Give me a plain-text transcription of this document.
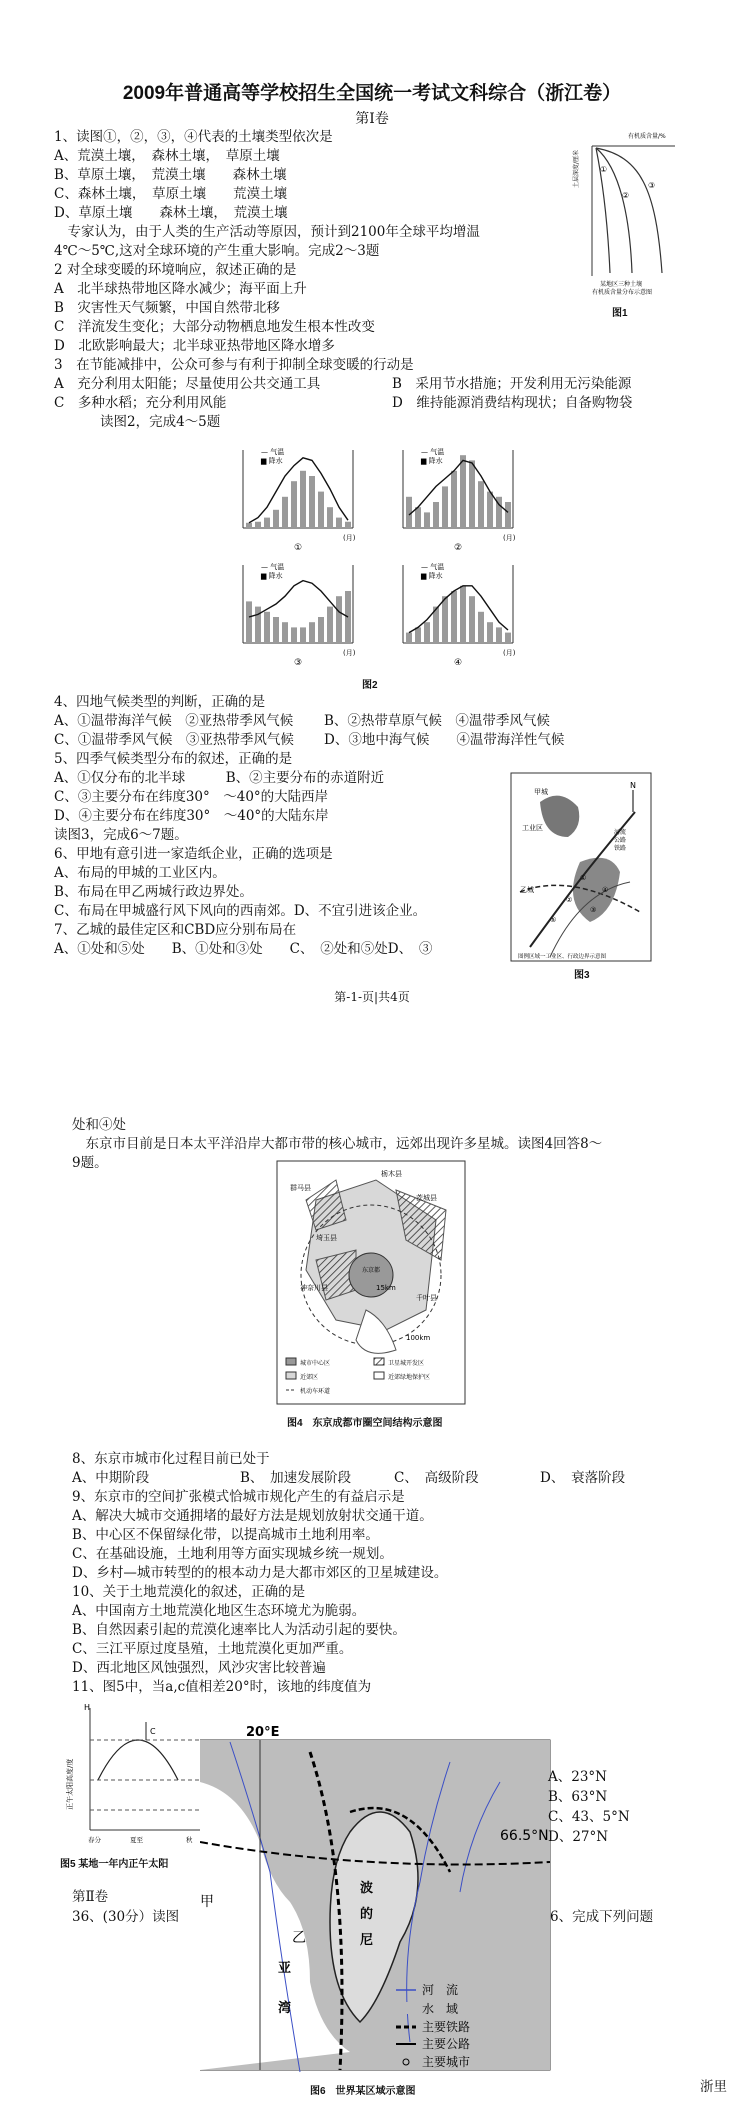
2009年普通高等学校招生全国统一考试文科综合（浙江卷）
第Ⅰ卷
1、读图①，②，③，④代表的土壤类型依次是
A、荒漠土壤，　森林土壤，　草原土壤
B、草原土壤，　荒漠土壤　　森林土壤
C、森林土壤，　草原土壤　　荒漠土壤
D、草原土壤　　森林土壤，　荒漠土壤
　专家认为，由于人类的生产活动等原因，预计到2100年全球平均增温
4℃～5℃,这对全球环境的产生重大影响。完成2～3题
2 对全球变暖的环境响应，叙述正确的是
A　北半球热带地区降水减少；海平面上升
B　灾害性天气频繁，中国自然带北移
C　洋流发生变化；大部分动物栖息地发生根本性改变
D　北欧影响最大；北半球亚热带地区降水增多
3　在节能减排中，公众可参与有利于抑制全球变暖的行动是
A　充分利用太阳能；尽量使用公共交通工具	B　采用节水措施；开发利用无污染能源
C　多种水稻；充分利用风能	D　维持能源消费结构现状；自备购物袋
读图2，完成4～5题
有机质含量/%
土层深度/厘米	①
②
③
某地区三种土壤
有机质含量分布示意图
图1
①
(月)
— 气温
▆ 降水
②
(月)
— 气温
▆ 降水
③
(月)
— 气温
▆ 降水
④
(月)
— 气温
▆ 降水
图2
4、四地气候类型的判断，正确的是
A、①温带海洋气候　②亚热带季风气候 B、②热带草原气候　④温带季风气候
C、①温带季风气候　③亚热带季风气候 D、③地中海气候　　④温带海洋性气候
5、四季气候类型分布的叙述，正确的是
A、①仅分布的北半球　　　B、②主要分布的赤道附近
C、③主要分布在纬度30°　～40°的大陆西岸
D、④主要分布在纬度30°　～40°的大陆东岸
读图3，完成6～7题。
6、甲地有意引进一家造纸企业，正确的选项是
A、布局的甲城的工业区内。
B、布局在甲乙两城行政边界处。
C、布局在甲城盛行风下风向的西南郊。D、不宜引进该企业。
7、乙城的最佳定区和CBD应分别布局在
A、①处和⑤处　　B、①处和③处　　C、　②处和⑤处D、　③
N
甲城
乙城
工业区
河流
公路
铁路
①
②
③
④
⑤
图例区域一工业区、行政边界示意图
图3
第-1-页|共4页
处和④处
　东京市目前是日本太平洋沿岸大都市带的核心城市，远郊出现许多星城。读图4回答8～
9题。
栃木县
群马县
茨城县
埼玉县
东京都
神奈川县
千叶县
15km
100km
城市中心区	卫星城开发区
近郊区	近郊绿地保护区
机动车环道
图4　东京成都市圈空间结构示意图
8、东京市城市化过程目前已处于
A、中期阶段	B、　加速发展阶段	C、　高级阶段	D、　衰落阶段
9、东京市的空间扩张模式恰城市规化产生的有益启示是
A、解决大城市交通拥堵的最好方法是规划放射状交通干道。
B、中心区不保留绿化带，以提高城市土地利用率。
C、在基础设施，土地利用等方面实现城乡统一规划。
D、乡村—城市转型的的根本动力是大都市郊区的卫星城建设。
10、关于土地荒漠化的叙述，正确的是
A、中国南方土地荒漠化地区生态环境尤为脆弱。
B、自然因素引起的荒漠化速率比人为活动引起的要快。
C、三江平原过度垦殖，土地荒漠化更加严重。
D、西北地区风蚀强烈，风沙灾害比较普遍
11、图5中，当a,c值相差20°时，该地的纬度值为
H
正午太阳高度/度
C
春分	夏至	秋
图5 某地一年内正午太阳
20°E
66.5°N
甲
乙
波
的
尼
亚
湾
河　流
水　域
主要铁路
主要公路
主要城市
图6　世界某区域示意图
A、23°N
B、63°N
C、43、5°N
D、27°N
第Ⅱ卷
36、(30分）读图	6、完成下列问题
浙里
